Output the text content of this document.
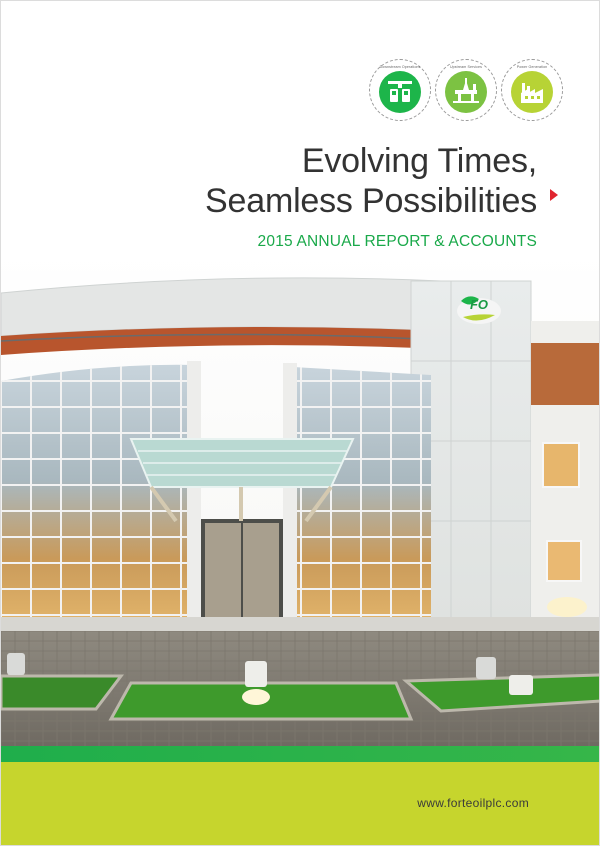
Downstream Operations	Upstream Services	Power Generation
Evolving Times,
Seamless Possibilities
2015 ANNUAL REPORT & ACCOUNTS
FO
www.forteoilplc.com
